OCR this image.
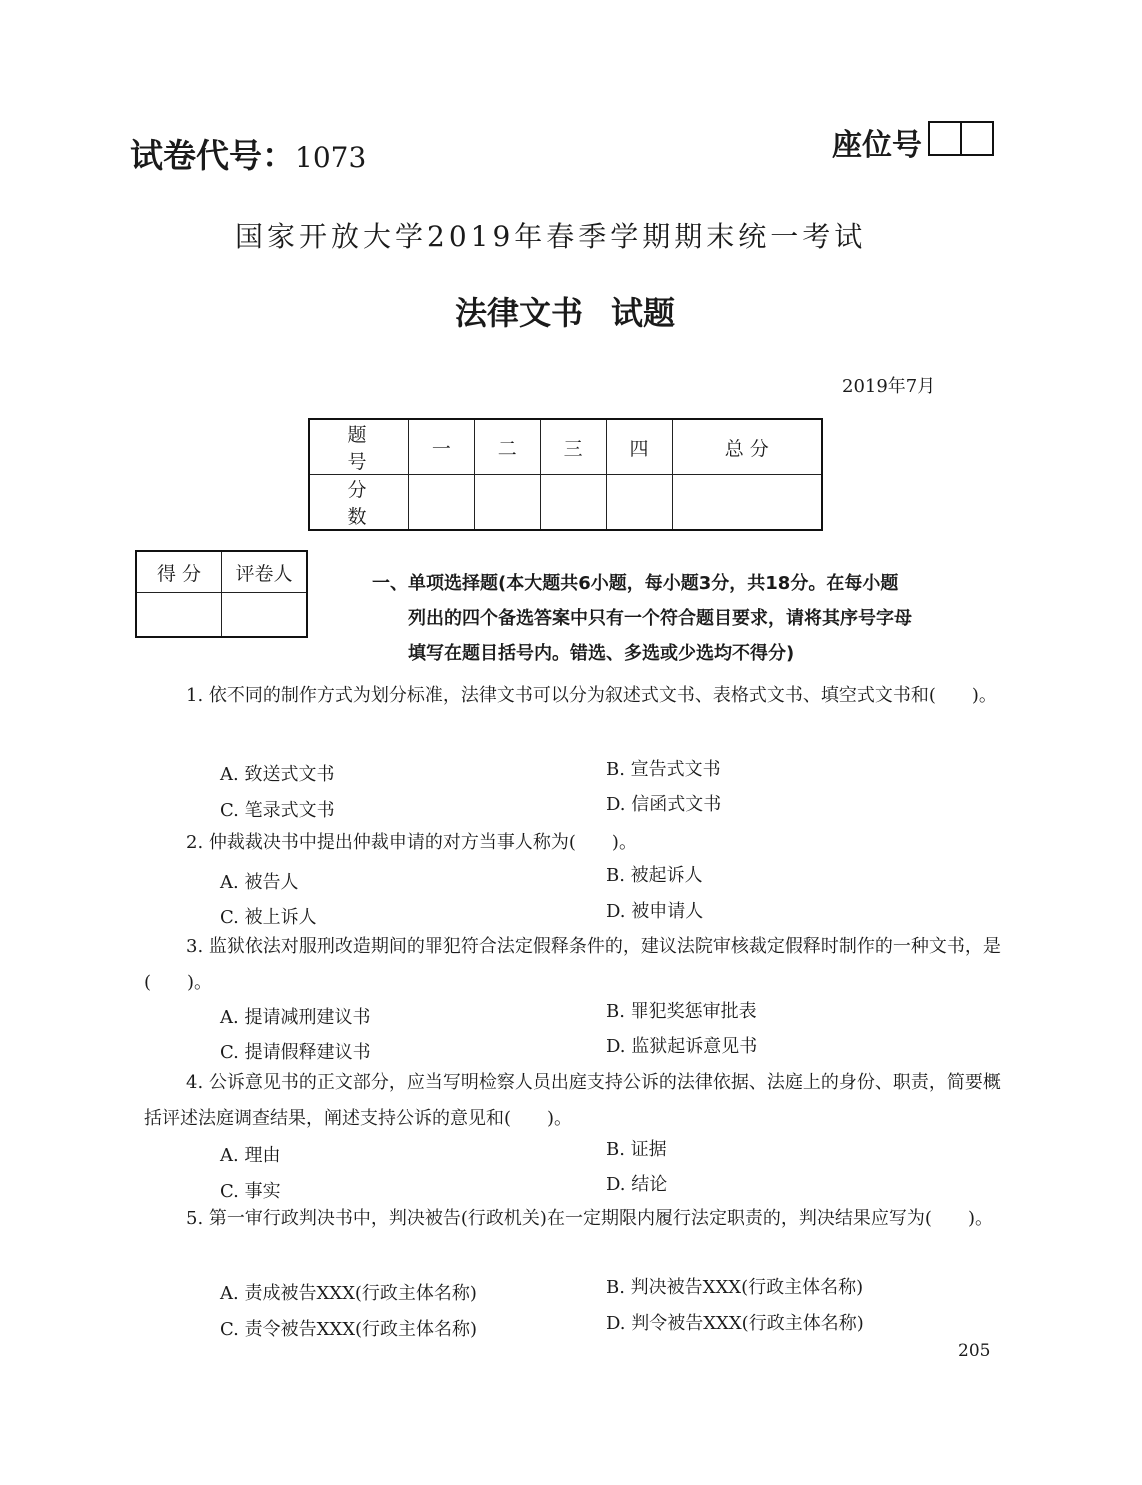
试卷代号：1073	座位号
国家开放大学2019年春季学期期末统一考试
法律文书 试题
2019年7月
题 号	一	二	三	四	总 分
分 数					
得 分	评卷人
		一、单项选择题(本大题共6小题，每小题3分，共18分。在每小题
列出的四个备选答案中只有一个符合题目要求，请将其序号字母
填写在题目括号内。错选、多选或少选均不得分)
1. 依不同的制作方式为划分标准，法律文书可以分为叙述式文书、表格式文书、填空式文书和(　　)。
A. 致送式文书	B. 宣告式文书
C. 笔录式文书	D. 信函式文书
2. 仲裁裁决书中提出仲裁申请的对方当事人称为(　　)。
A. 被告人	B. 被起诉人
C. 被上诉人	D. 被申请人
3. 监狱依法对服刑改造期间的罪犯符合法定假释条件的，建议法院审核裁定假释时制作的一种文书，是(　　)。
A. 提请减刑建议书	B. 罪犯奖惩审批表
C. 提请假释建议书	D. 监狱起诉意见书
4. 公诉意见书的正文部分，应当写明检察人员出庭支持公诉的法律依据、法庭上的身份、职责，简要概括评述法庭调查结果，阐述支持公诉的意见和(　　)。
A. 理由	B. 证据
C. 事实	D. 结论
5. 第一审行政判决书中，判决被告(行政机关)在一定期限内履行法定职责的，判决结果应写为(　　)。
A. 责成被告XXX(行政主体名称)	B. 判决被告XXX(行政主体名称)
C. 责令被告XXX(行政主体名称)	D. 判令被告XXX(行政主体名称)
205
